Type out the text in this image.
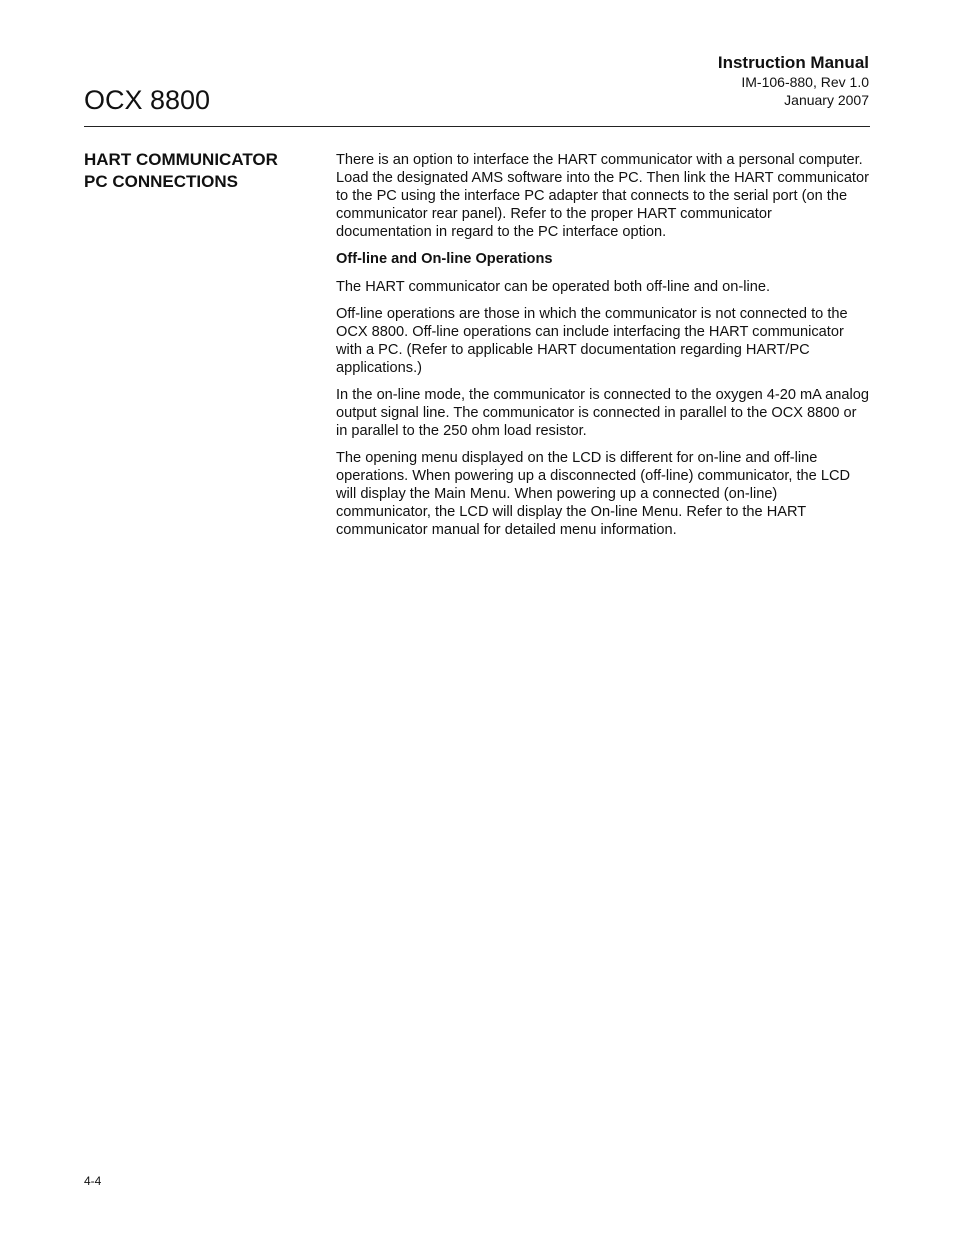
OCX 8800
Instruction Manual
IM-106-880, Rev 1.0
January 2007
HART COMMUNICATOR
PC CONNECTIONS

There is an option to interface the HART communicator with a personal computer. Load the designated AMS software into the PC. Then link the HART communicator to the PC using the interface PC adapter that connects to the serial port (on the communicator rear panel). Refer to the proper HART communicator documentation in regard to the PC interface option.

Off-line and On-line Operations

The HART communicator can be operated both off-line and on-line.

Off-line operations are those in which the communicator is not connected to the OCX 8800. Off-line operations can include interfacing the HART communicator with a PC. (Refer to applicable HART documentation regarding HART/PC applications.)

In the on-line mode, the communicator is connected to the oxygen 4-20 mA analog output signal line. The communicator is connected in parallel to the OCX 8800 or in parallel to the 250 ohm load resistor.

The opening menu displayed on the LCD is different for on-line and off-line operations. When powering up a disconnected (off-line) communicator, the LCD will display the Main Menu. When powering up a connected (on-line) communicator, the LCD will display the On-line Menu. Refer to the HART communicator manual for detailed menu information.

4-4
